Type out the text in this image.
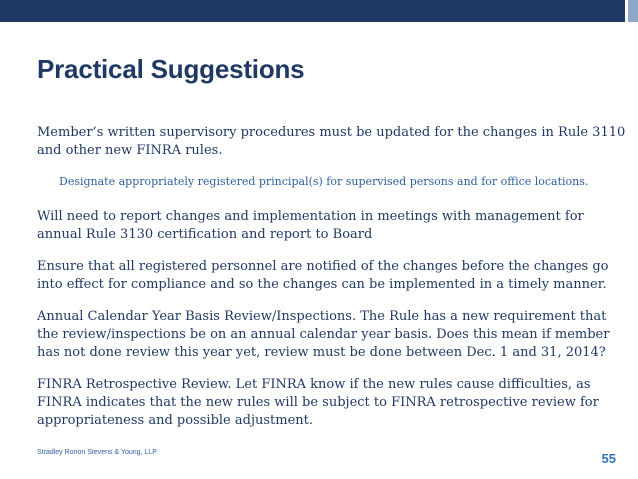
Practical Suggestions

Member’s written supervisory procedures must be updated for the changes in Rule 3110 and other new FINRA rules.

Designate appropriately registered principal(s) for supervised persons and for office locations.

Will need to report changes and implementation in meetings with management for annual Rule 3130 certification and report to Board

Ensure that all registered personnel are notified of the changes before the changes go into effect for compliance and so the changes can be implemented in a timely manner.

Annual Calendar Year Basis Review/Inspections. The Rule has a new requirement that the review/inspections be on an annual calendar year basis. Does this mean if member has not done review this year yet, review must be done between Dec. 1 and 31, 2014?

FINRA Retrospective Review. Let FINRA know if the new rules cause difficulties, as FINRA indicates that the new rules will be subject to FINRA retrospective review for appropriateness and possible adjustment.

Stradley Ronon Stevens & Young, LLP	55
